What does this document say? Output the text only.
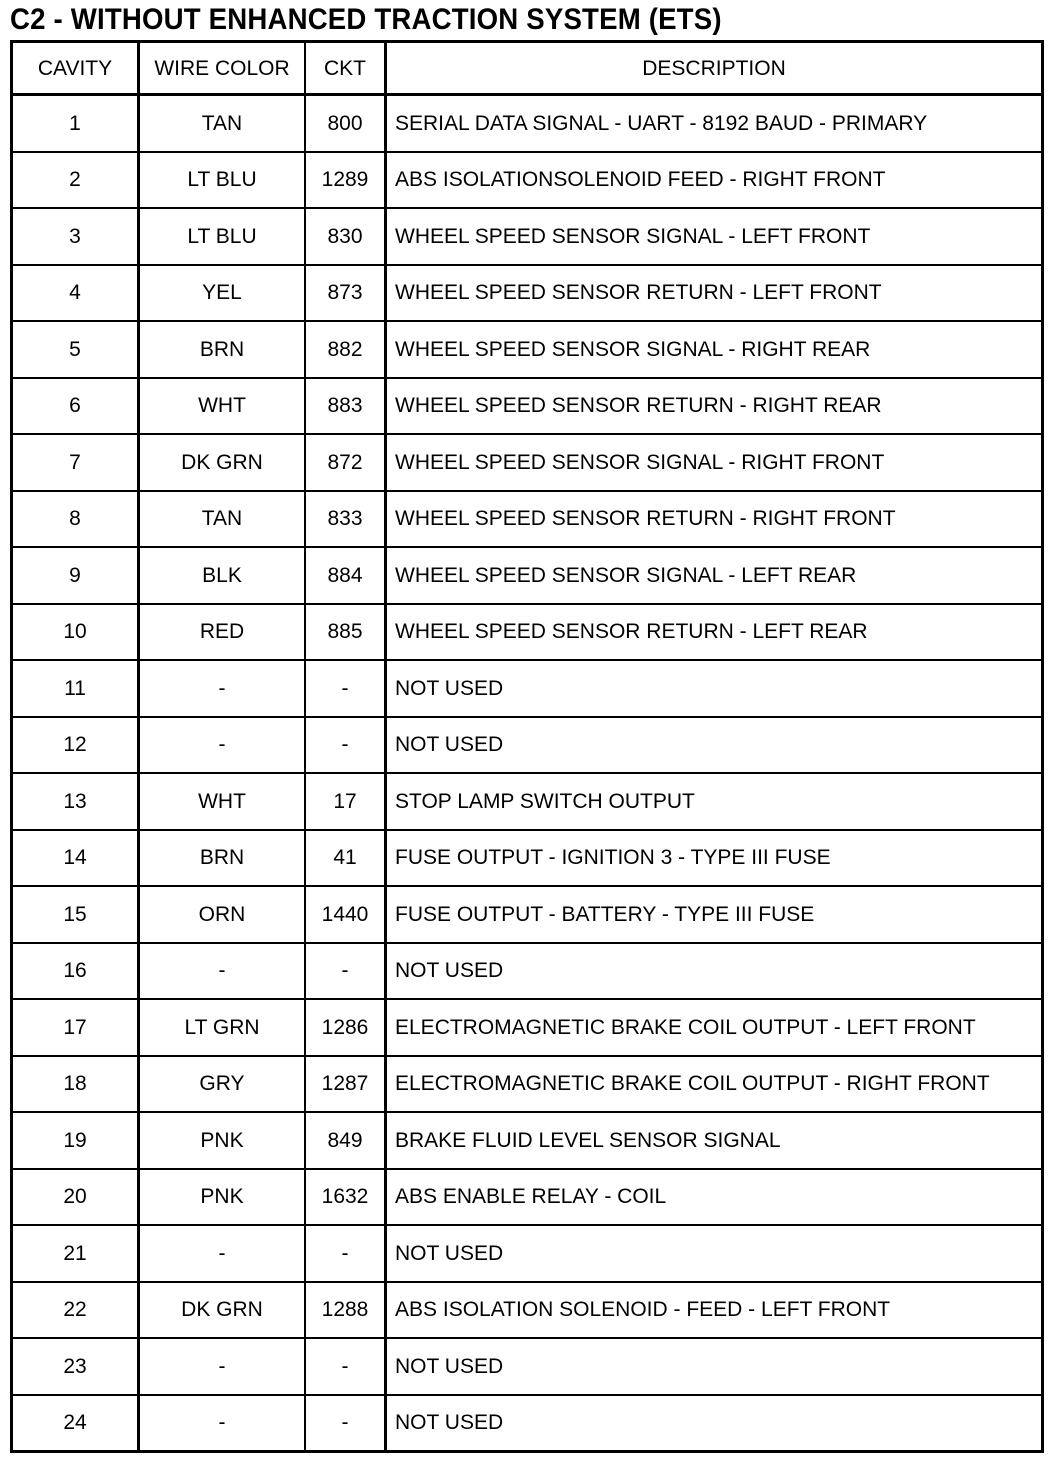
C2 - WITHOUT ENHANCED TRACTION SYSTEM (ETS)
CAVITY	WIRE COLOR	CKT	DESCRIPTION
1	TAN	800	SERIAL DATA SIGNAL - UART - 8192 BAUD - PRIMARY
2	LT BLU	1289	ABS ISOLATIONSOLENOID FEED - RIGHT FRONT
3	LT BLU	830	WHEEL SPEED SENSOR SIGNAL - LEFT FRONT
4	YEL	873	WHEEL SPEED SENSOR RETURN - LEFT FRONT
5	BRN	882	WHEEL SPEED SENSOR SIGNAL - RIGHT REAR
6	WHT	883	WHEEL SPEED SENSOR RETURN - RIGHT REAR
7	DK GRN	872	WHEEL SPEED SENSOR SIGNAL - RIGHT FRONT
8	TAN	833	WHEEL SPEED SENSOR RETURN - RIGHT FRONT
9	BLK	884	WHEEL SPEED SENSOR SIGNAL - LEFT REAR
10	RED	885	WHEEL SPEED SENSOR RETURN - LEFT REAR
11	-	-	NOT USED
12	-	-	NOT USED
13	WHT	17	STOP LAMP SWITCH OUTPUT
14	BRN	41	FUSE OUTPUT - IGNITION 3 - TYPE III FUSE
15	ORN	1440	FUSE OUTPUT - BATTERY - TYPE III FUSE
16	-	-	NOT USED
17	LT GRN	1286	ELECTROMAGNETIC BRAKE COIL OUTPUT - LEFT FRONT
18	GRY	1287	ELECTROMAGNETIC BRAKE COIL OUTPUT - RIGHT FRONT
19	PNK	849	BRAKE FLUID LEVEL SENSOR SIGNAL
20	PNK	1632	ABS ENABLE RELAY - COIL
21	-	-	NOT USED
22	DK GRN	1288	ABS ISOLATION SOLENOID - FEED - LEFT FRONT
23	-	-	NOT USED
24	-	-	NOT USED
